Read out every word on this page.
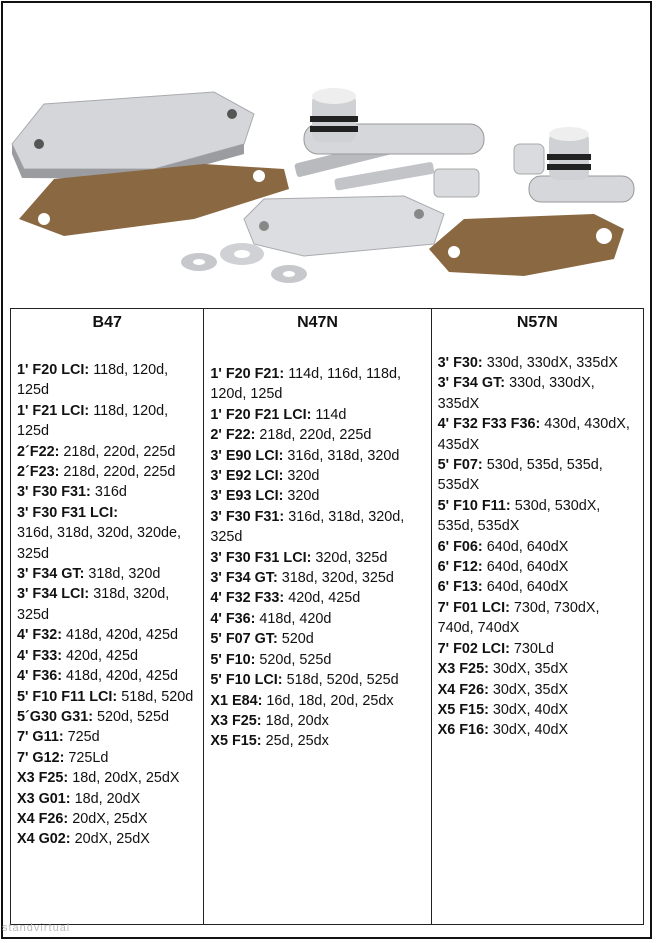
B47
1' F20 LCI: 118d, 120d, 125d
1' F21 LCI: 118d, 120d, 125d
2´F22: 218d, 220d, 225d
2´F23: 218d, 220d, 225d
3' F30 F31: 316d
3' F30 F31 LCI:
316d, 318d, 320d, 320de, 325d
3' F34 GT: 318d, 320d
3' F34 LCI: 318d, 320d, 325d
4' F32: 418d, 420d, 425d
4' F33: 420d, 425d
4' F36: 418d, 420d, 425d
5' F10 F11 LCI: 518d, 520d
5´G30 G31: 520d, 525d
7' G11: 725d
7' G12: 725Ld
X3 F25: 18d, 20dX, 25dX
X3 G01: 18d, 20dX
X4 F26: 20dX, 25dX
X4 G02: 20dX, 25dX
N47N
1' F20 F21: 114d, 116d, 118d, 120d, 125d
1' F20 F21 LCI: 114d
2' F22: 218d, 220d, 225d
3' E90 LCI: 316d, 318d, 320d
3' E92 LCI: 320d
3' E93 LCI: 320d
3' F30 F31: 316d, 318d, 320d, 325d
3' F30 F31 LCI: 320d, 325d
3' F34 GT: 318d, 320d, 325d
4' F32 F33: 420d, 425d
4' F36: 418d, 420d
5' F07 GT: 520d
5' F10: 520d, 525d
5' F10 LCI: 518d, 520d, 525d
X1 E84: 16d, 18d, 20d, 25dx
X3 F25: 18d, 20dx
X5 F15: 25d, 25dx
N57N
3' F30: 330d, 330dX, 335dX
3' F34 GT: 330d, 330dX, 335dX
4' F32 F33 F36: 430d, 430dX, 435dX
5' F07: 530d, 535d, 535d, 535dX
5' F10 F11: 530d, 530dX, 535d, 535dX
6' F06: 640d, 640dX
6' F12: 640d, 640dX
6' F13: 640d, 640dX
7' F01 LCI: 730d, 730dX, 740d, 740dX
7' F02 LCI: 730Ld
X3 F25: 30dX, 35dX
X4 F26: 30dX, 35dX
X5 F15: 30dX, 40dX
X6 F16: 30dX, 40dX
standvirtual
